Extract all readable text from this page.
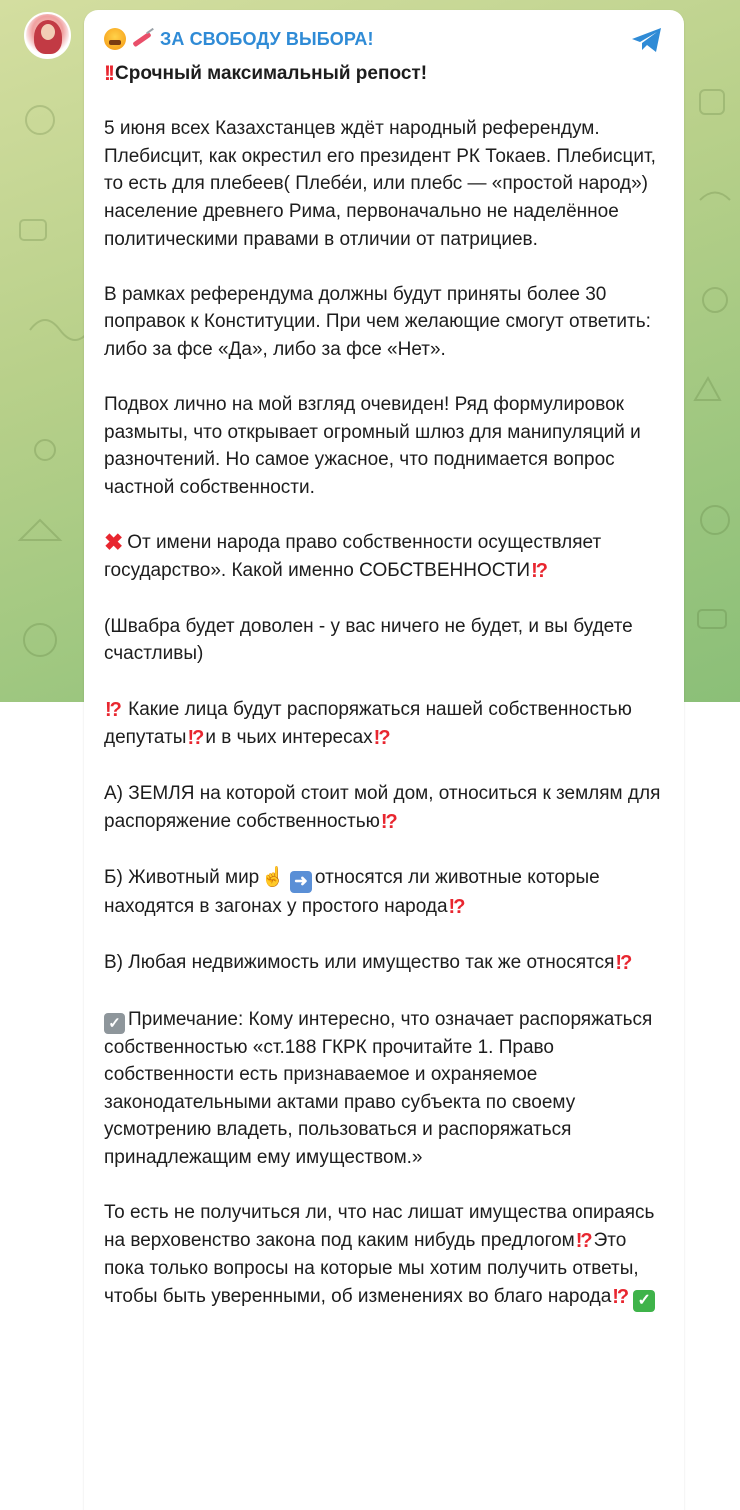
ЗА СВОБОДУ ВЫБОРА!

!! Срочный максимальный репост!

5 июня всех Казахстанцев ждёт народный референдум. Плебисцит, как окрестил его президент РК Токаев. Плебисцит, то есть для плебеев( Плебе́и, или плебс — «простой народ») население древнего Рима, первоначально не наделённое политическими правами в отличии от патрициев.

В рамках референдума должны будут приняты более 30 поправок к Конституции. При чем желающие смогут ответить: либо за фсе «Да», либо за фсе «Нет».

Подвох лично на мой взгляд очевиден! Ряд формулировок размыты, что открывает огромный шлюз для манипуляций и разночтений. Но самое ужасное, что поднимается вопрос частной собственности.

✖ От имени народа право собственности осуществляет государство». Какой именно СОБСТВЕННОСТИ!?

(Швабра будет доволен - у вас ничего не будет, и вы будете счастливы)

!? Какие лица будут распоряжаться нашей собственностью депутаты!? и в чьих интересах!?

А) ЗЕМЛЯ на которой стоит мой дом, относиться к землям для распоряжение собственностью!?

Б) Животный мир ☝ ➜ относятся ли животные которые находятся в загонах у простого народа!?

В) Любая недвижимость или имущество так же относятся!?

✓ Примечание: Кому интересно, что означает распоряжаться собственностью «ст.188 ГКРК прочитайте 1. Право собственности есть признаваемое и охраняемое законодательными актами право субъекта по своему усмотрению владеть, пользоваться и распоряжаться принадлежащим ему имуществом.»

То есть не получиться ли, что нас лишат имущества опираясь на верховенство закона под каким нибудь предлогом!? Это пока только вопросы на которые мы хотим получить ответы, чтобы быть уверенными, об изменениях во благо народа!? ✓
